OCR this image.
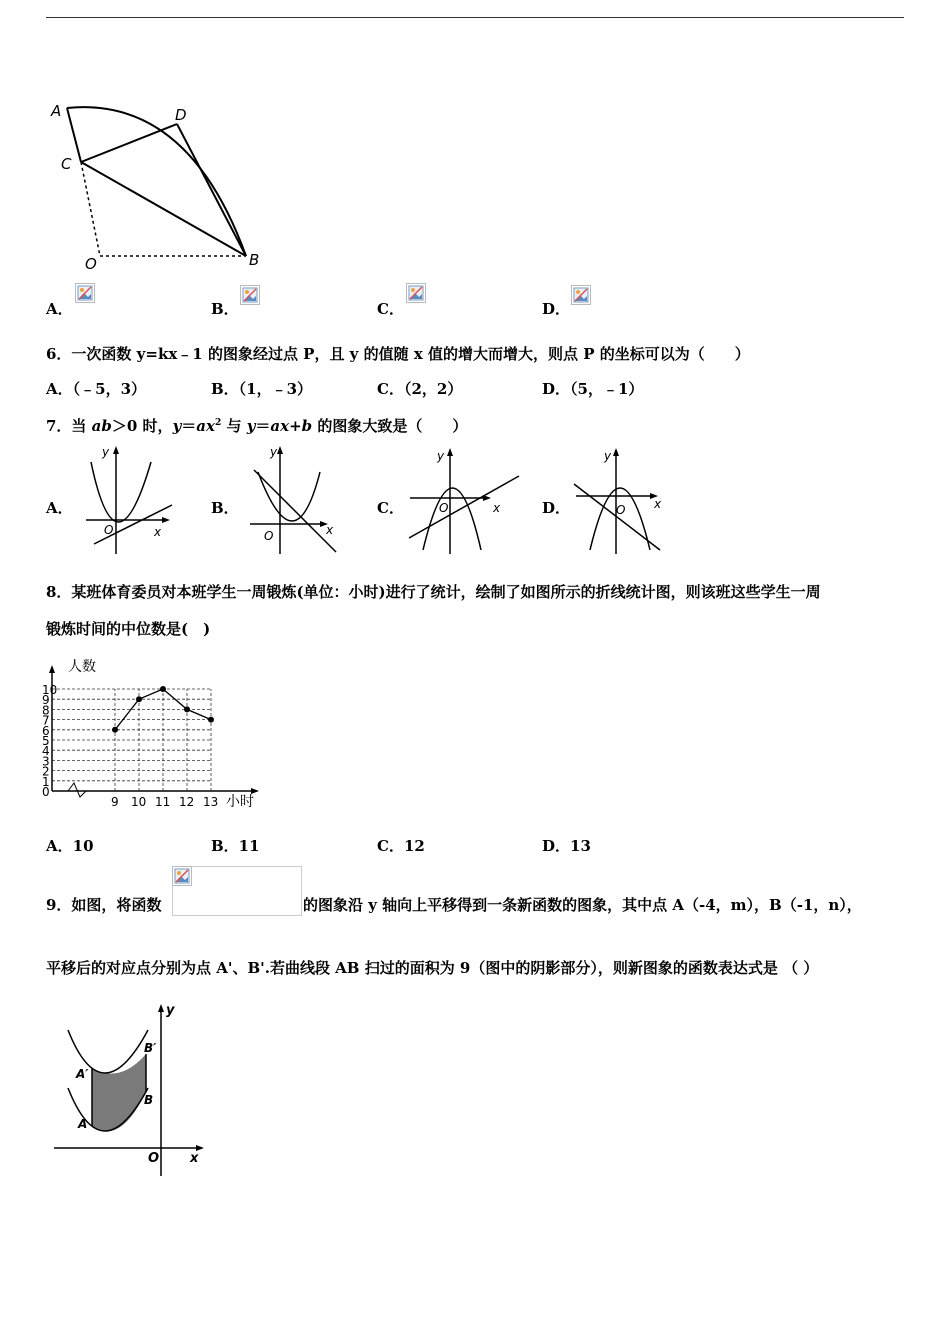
A	D
C
O	B
A．	B．	C．	D．
6．一次函数 y=kx﹣1 的图象经过点 P，且 y 的值随 x 值的增大而增大，则点 P 的坐标可以为（　　）
A．（﹣5，3）	B．（1，﹣3）	C．（2，2）	D．（5，﹣1）
7．当 ab＞0 时，$y=ax^2$ 与 y＝ax+b 的图象大致是（　　）
A．
y
x
O
B．
y
x
O
C．
y
x
O	D．
y
x
O
8．某班体育委员对本班学生一周锻炼(单位：小时)进行了统计，绘制了如图所示的折线统计图，则该班这些学生一周
锻炼时间的中位数是(　)
0
1
2
3
4
5
6
7
8
9
10
9 10 11 12 13
人数
小时
A．10	B．11	C．12	D．13
9．如图，将函数	的图象沿 y 轴向上平移得到一条新函数的图象，其中点 A（-4，m），B（-1，n），
平移后的对应点分别为点 A'、B'.若曲线段 AB 扫过的面积为 9（图中的阴影部分），则新图象的函数表达式是 （ ）
y
x
O
A′
A
B′
B
